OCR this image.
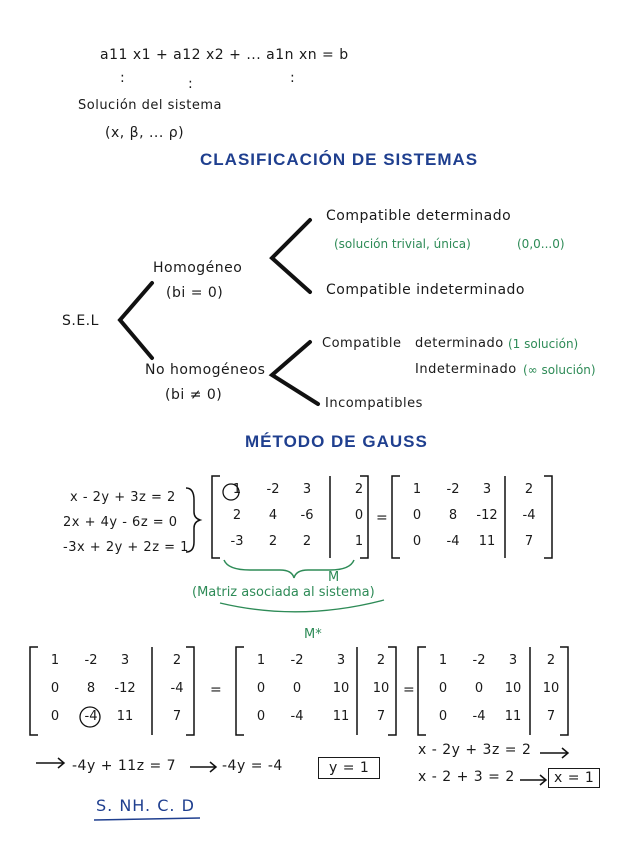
a11 x1 + a12 x2 + ... a1n xn = b
:	:	:
Solución del sistema
(x, β, ... ρ)
CLASIFICACIÓN DE SISTEMAS
S.E.L
Homogéneo
(bi = 0)
Compatible determinado
(solución trivial, única)	(0,0...0)
Compatible indeterminado
No homogéneos
(bi ≠ 0)
Compatible determinado (1 solución)
Indeterminado (∞ solución)
Incompatibles
MÉTODO DE GAUSS
x - 2y + 3z = 2
2x + 4y - 6z = 0
-3x + 2y + 2z = 1
1	-2	3	2
2	4	-6	0
-3	2	2	1
1	-2	3	2
0	8	-12	-4
0	-4	11	7
1	-2	3	2
0	8	-12	-4
0	-4	11	7
1	-2	3	2
0	0	10	10
0	-4	11	7
1	-2	3	2
0	0	10	10
0	-4	11	7
=
M
(Matriz asociada al sistema)
M*
=	=
-4y + 11z = 7	-4y = -4	y = 1
x - 2y + 3z = 2
x - 2 + 3 = 2	x = 1
S. NH. C. D
